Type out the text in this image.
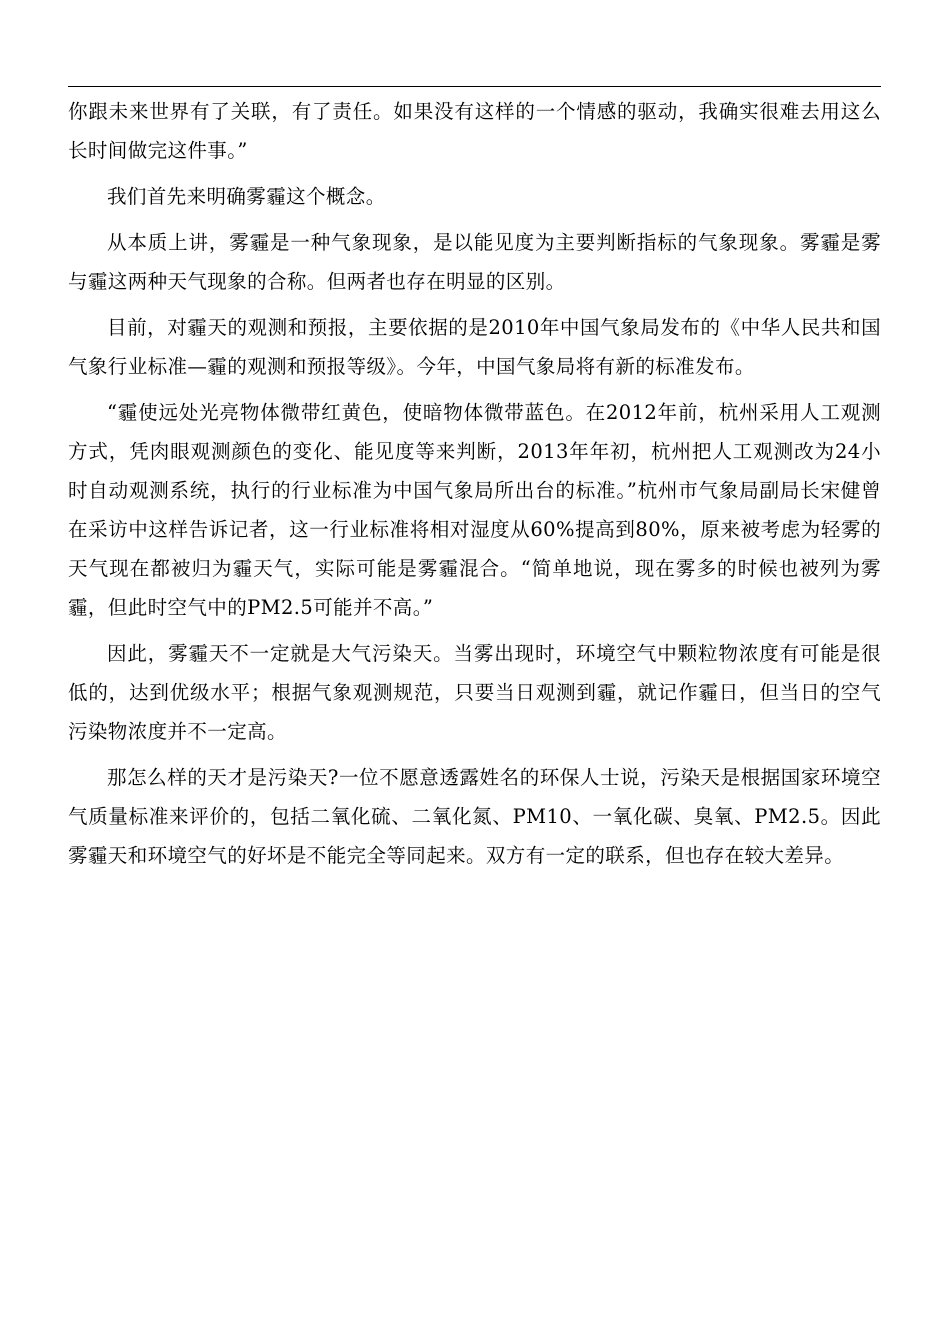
你跟未来世界有了关联，有了责任。如果没有这样的一个情感的驱动，我确实很难去用这么长时间做完这件事。”

我们首先来明确雾霾这个概念。

从本质上讲，雾霾是一种气象现象，是以能见度为主要判断指标的气象现象。雾霾是雾与霾这两种天气现象的合称。但两者也存在明显的区别。

目前，对霾天的观测和预报，主要依据的是2010年中国气象局发布的《中华人民共和国气象行业标准—霾的观测和预报等级》。今年，中国气象局将有新的标准发布。

“霾使远处光亮物体微带红黄色，使暗物体微带蓝色。在2012年前，杭州采用人工观测方式，凭肉眼观测颜色的变化、能见度等来判断，2013年年初，杭州把人工观测改为24小时自动观测系统，执行的行业标准为中国气象局所出台的标准。”杭州市气象局副局长宋健曾在采访中这样告诉记者，这一行业标准将相对湿度从60%提高到80%，原来被考虑为轻雾的天气现在都被归为霾天气，实际可能是雾霾混合。“简单地说，现在雾多的时候也被列为雾霾，但此时空气中的PM2.5可能并不高。”

因此，雾霾天不一定就是大气污染天。当雾出现时，环境空气中颗粒物浓度有可能是很低的，达到优级水平；根据气象观测规范，只要当日观测到霾，就记作霾日，但当日的空气污染物浓度并不一定高。

那怎么样的天才是污染天?一位不愿意透露姓名的环保人士说，污染天是根据国家环境空气质量标准来评价的，包括二氧化硫、二氧化氮、PM10、一氧化碳、臭氧、PM2.5。因此雾霾天和环境空气的好坏是不能完全等同起来。双方有一定的联系，但也存在较大差异。
